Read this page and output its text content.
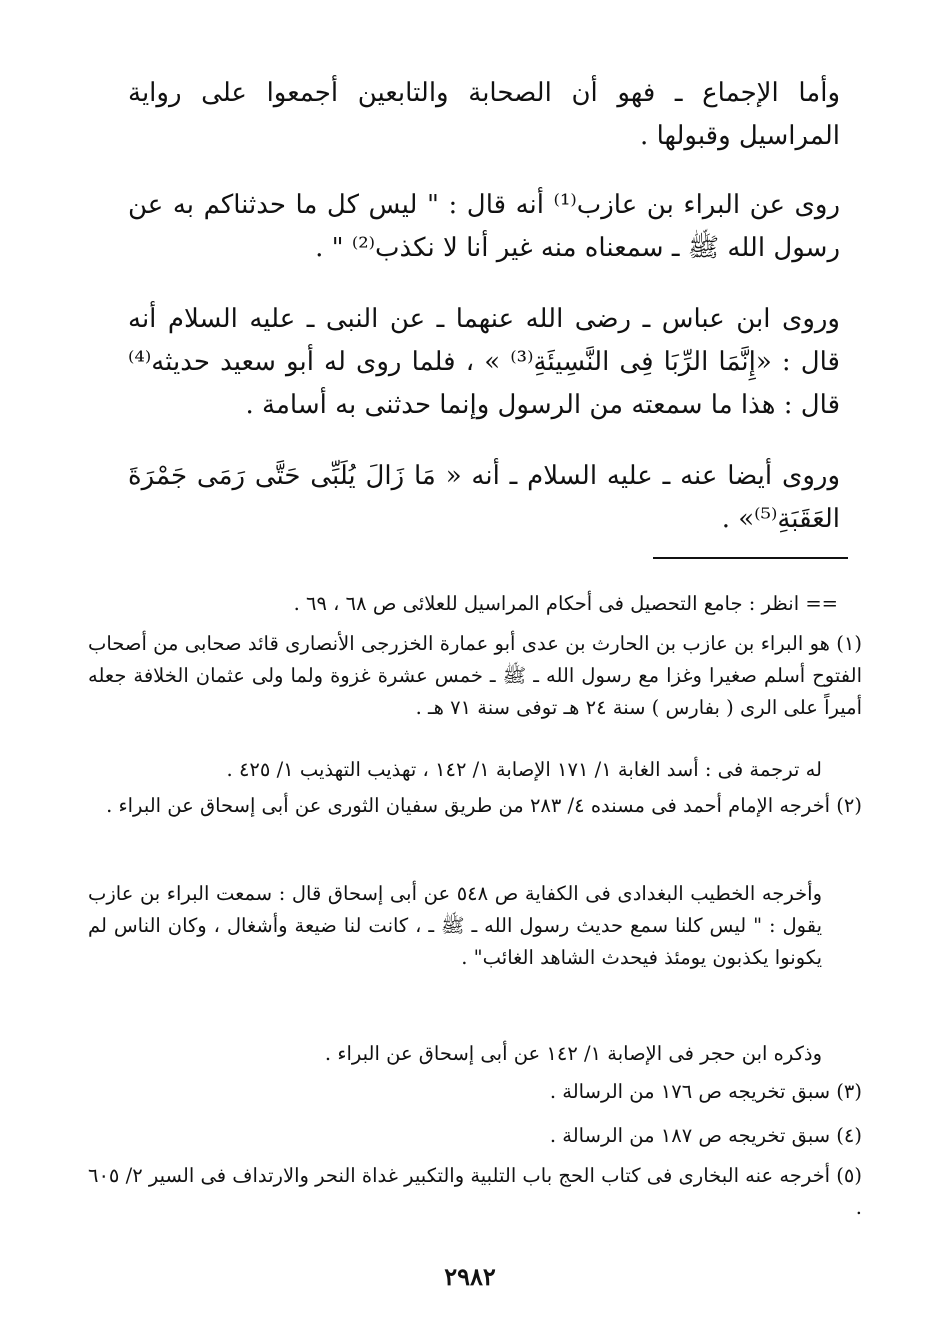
وأما الإجماع ـ فهو أن الصحابة والتابعين أجمعوا على رواية المراسيل وقبولها .

روى عن البراء بن عازب⁽¹⁾ أنه قال : " ليس كل ما حدثناكم به عن رسول الله ﷺ ـ سمعناه منه غير أنا لا نكذب⁽²⁾ " .

وروى ابن عباس ـ رضى الله عنهما ـ عن النبى ـ عليه السلام أنه قال : «إِنَّمَا الرِّبَا فِى النَّسِيئَةِ⁽³⁾ » ، فلما روى له أبو سعيد حديثه⁽⁴⁾ قال : هذا ما سمعته من الرسول وإنما حدثنى به أسامة .

وروى أيضا عنه ـ عليه السلام ـ أنه « مَا زَالَ يُلَبِّى حَتَّى رَمَى جَمْرَةَ العَقَبَةِ⁽⁵⁾» .

== انظر : جامع التحصيل فى أحكام المراسيل للعلائى ص ٦٨ ، ٦٩ .

(١) هو البراء بن عازب بن الحارث بن عدى أبو عمارة الخزرجى الأنصارى قائد صحابى من أصحاب الفتوح أسلم صغيرا وغزا مع رسول الله ـ ﷺ ـ خمس عشرة غزوة ولما ولى عثمان الخلافة جعله أميراً على الرى ( بفارس ) سنة ٢٤ هـ توفى سنة ٧١ هـ .

له ترجمة فى : أسد الغابة ١/ ١٧١ الإصابة ١/ ١٤٢ ، تهذيب التهذيب ١/ ٤٢٥ .

(٢) أخرجه الإمام أحمد فى مسنده ٤/ ٢٨٣ من طريق سفيان الثورى عن أبى إسحاق عن البراء .

وأخرجه الخطيب البغدادى فى الكفاية ص ٥٤٨ عن أبى إسحاق قال : سمعت البراء بن عازب يقول : " ليس كلنا سمع حديث رسول الله ـ ﷺ ـ ، كانت لنا ضيعة وأشغال ، وكان الناس لم يكونوا يكذبون يومئذ فيحدث الشاهد الغائب" .

وذكره ابن حجر فى الإصابة ١/ ١٤٢ عن أبى إسحاق عن البراء .

(٣) سبق تخريجه ص ١٧٦ من الرسالة .

(٤) سبق تخريجه ص ١٨٧ من الرسالة .

(٥) أخرجه عنه البخارى فى كتاب الحج باب التلبية والتكبير غداة النحر والارتداف فى السير ٢/ ٦٠٥ .

٢٩٨٢
